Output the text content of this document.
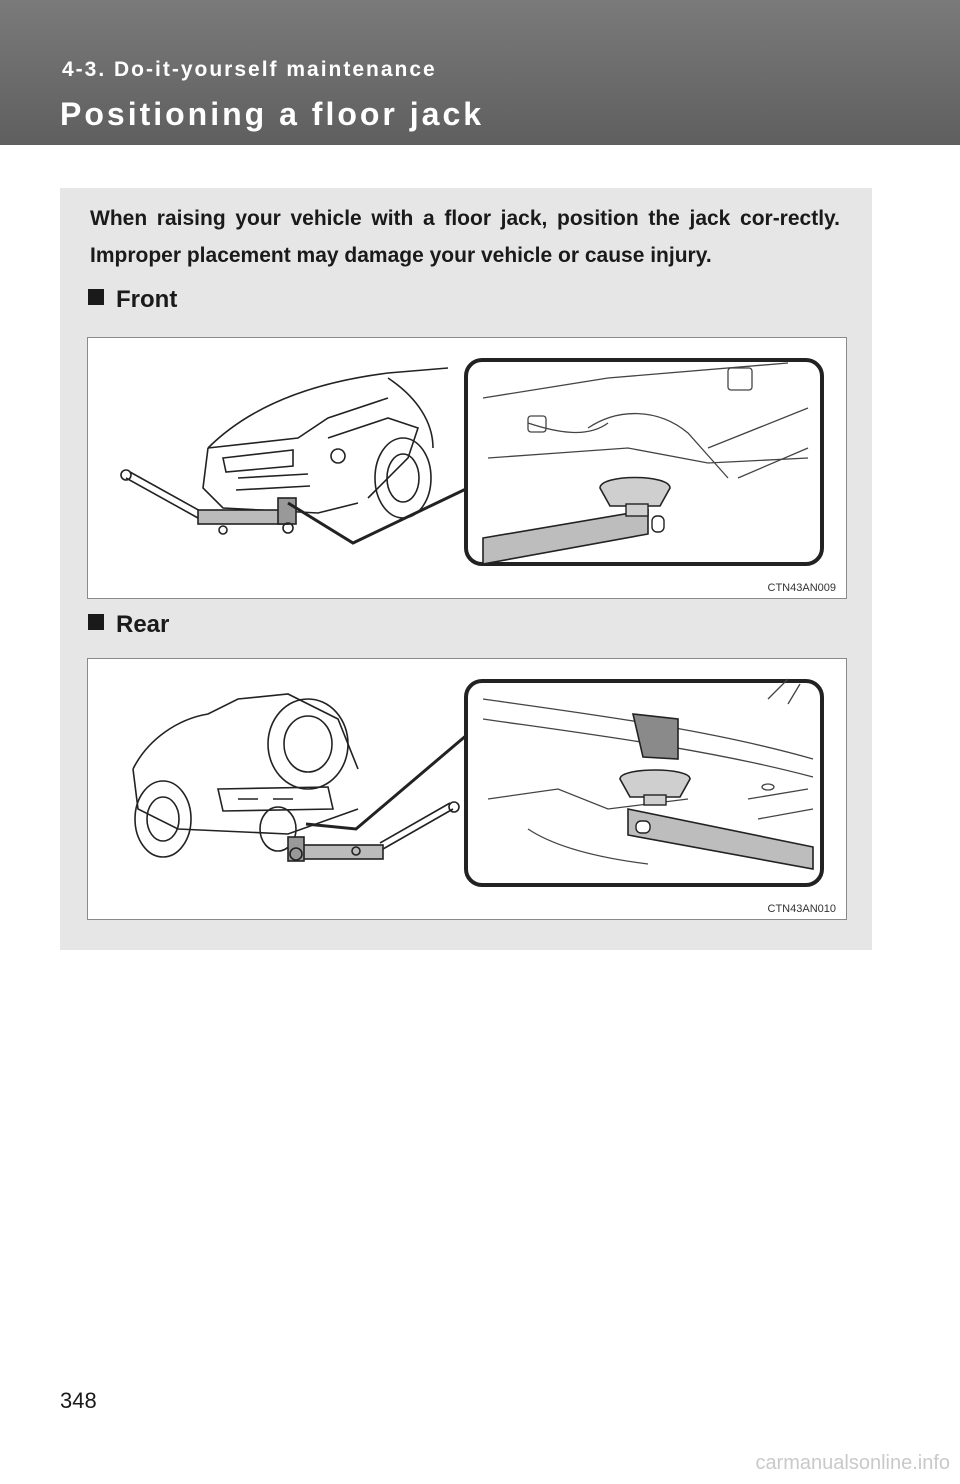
4-3. Do-it-yourself maintenance
Positioning a floor jack
When raising your vehicle with a floor jack, position the jack cor-rectly. Improper placement may damage your vehicle or cause injury.
Front
CTN43AN009
Rear
CTN43AN010
348
carmanualsonline.info
